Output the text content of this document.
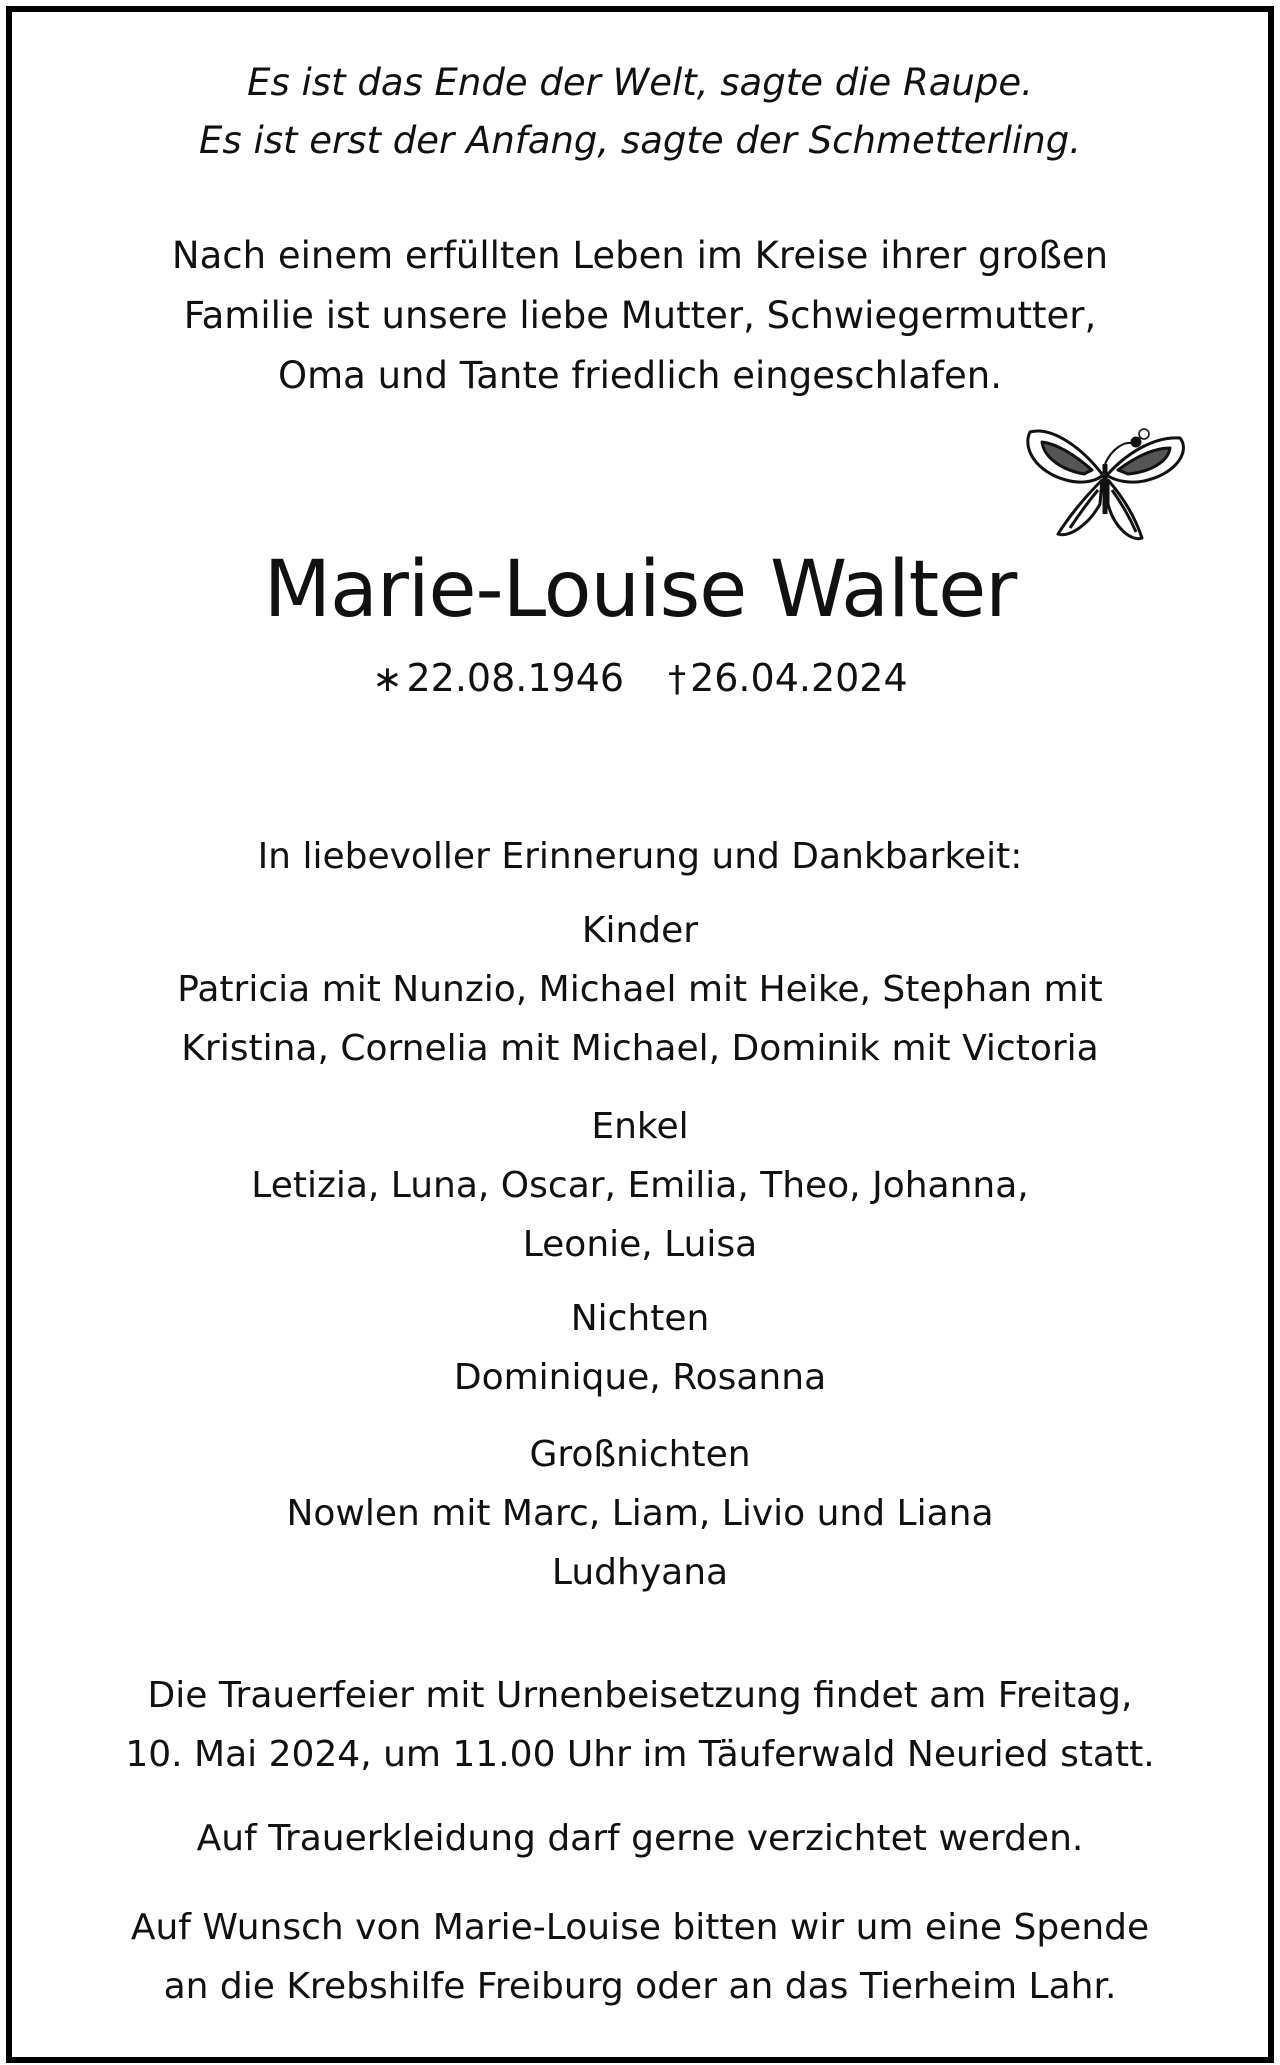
Es ist das Ende der Welt, sagte die Raupe.
Es ist erst der Anfang, sagte der Schmetterling.
Nach einem erfüllten Leben im Kreise ihrer großen
Familie ist unsere liebe Mutter, Schwiegermutter,
Oma und Tante friedlich eingeschlafen.
Marie-Louise Walter
∗ 22.08.1946 † 26.04.2024
In liebevoller Erinnerung und Dankbarkeit:
Kinder
Patricia mit Nunzio, Michael mit Heike, Stephan mit
Kristina, Cornelia mit Michael, Dominik mit Victoria
Enkel
Letizia, Luna, Oscar, Emilia, Theo, Johanna,
Leonie, Luisa
Nichten
Dominique, Rosanna
Großnichten
Nowlen mit Marc, Liam, Livio und Liana
Ludhyana
Die Trauerfeier mit Urnenbeisetzung findet am Freitag,
10. Mai 2024, um 11.00 Uhr im Täuferwald Neuried statt.
Auf Trauerkleidung darf gerne verzichtet werden.
Auf Wunsch von Marie-Louise bitten wir um eine Spende
an die Krebshilfe Freiburg oder an das Tierheim Lahr.
